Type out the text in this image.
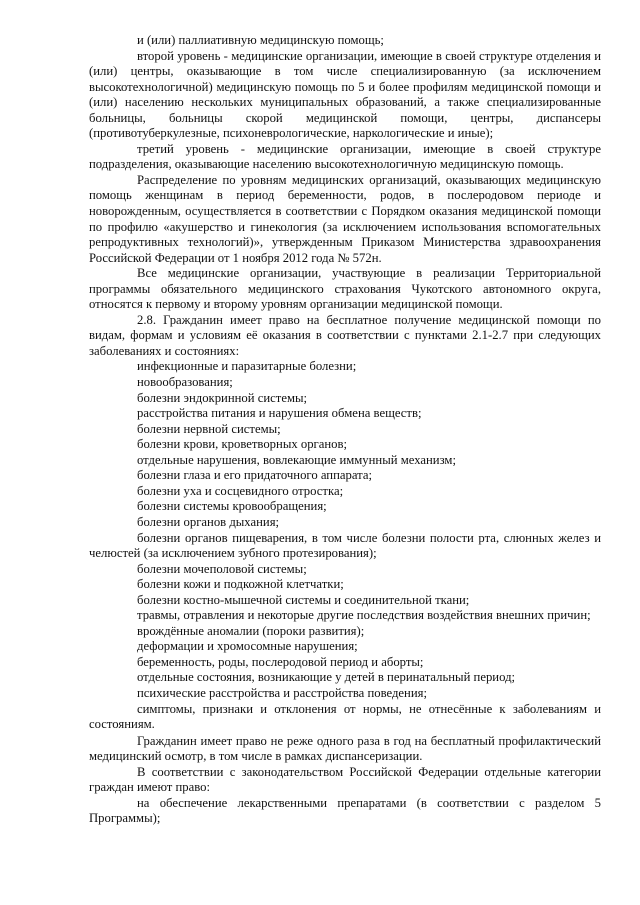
и (или) паллиативную медицинскую помощь;

второй уровень - медицинские организации, имеющие в своей структуре отделения и (или) центры, оказывающие в том числе специализированную (за исключением высокотехнологичной) медицинскую помощь по 5 и более профилям медицинской помощи и (или) населению нескольких муниципальных образований, а также специализированные больницы, больницы скорой медицинской помощи, центры, диспансеры (противотуберкулезные, психоневрологические, наркологические и иные);

третий уровень - медицинские организации, имеющие в своей структуре подразделения, оказывающие населению высокотехнологичную медицинскую помощь.

Распределение по уровням медицинских организаций, оказывающих медицинскую помощь женщинам в период беременности, родов, в послеродовом периоде и новорожденным, осуществляется в соответствии с Порядком оказания медицинской помощи по профилю «акушерство и гинекология (за исключением использования вспомогательных репродуктивных технологий)», утвержденным Приказом Министерства здравоохранения Российской Федерации от 1 ноября 2012 года № 572н.

Все медицинские организации, участвующие в реализации Территориальной программы обязательного медицинского страхования Чукотского автономного округа, относятся к первому и второму уровням организации медицинской помощи.

2.8. Гражданин имеет право на бесплатное получение медицинской помощи по видам, формам и условиям её оказания в соответствии с пунктами 2.1-2.7 при следующих заболеваниях и состояниях:

инфекционные и паразитарные болезни;

новообразования;

болезни эндокринной системы;

расстройства питания и нарушения обмена веществ;

болезни нервной системы;

болезни крови, кроветворных органов;

отдельные нарушения, вовлекающие иммунный механизм;

болезни глаза и его придаточного аппарата;

болезни уха и сосцевидного отростка;

болезни системы кровообращения;

болезни органов дыхания;

болезни органов пищеварения, в том числе болезни полости рта, слюнных желез и челюстей (за исключением зубного протезирования);

болезни мочеполовой системы;

болезни кожи и подкожной клетчатки;

болезни костно-мышечной системы и соединительной ткани;

травмы, отравления и некоторые другие последствия воздействия внешних причин;

врождённые аномалии (пороки развития);

деформации и хромосомные нарушения;

беременность, роды, послеродовой период и аборты;

отдельные состояния, возникающие у детей в перинатальный период;

психические расстройства и расстройства поведения;

симптомы, признаки и отклонения от нормы, не отнесённые к заболеваниям и состояниям.

Гражданин имеет право не реже одного раза в год на бесплатный профилактический медицинский осмотр, в том числе в рамках диспансеризации.

В соответствии с законодательством Российской Федерации отдельные категории граждан имеют право:

на обеспечение лекарственными препаратами (в соответствии с разделом 5 Программы);
